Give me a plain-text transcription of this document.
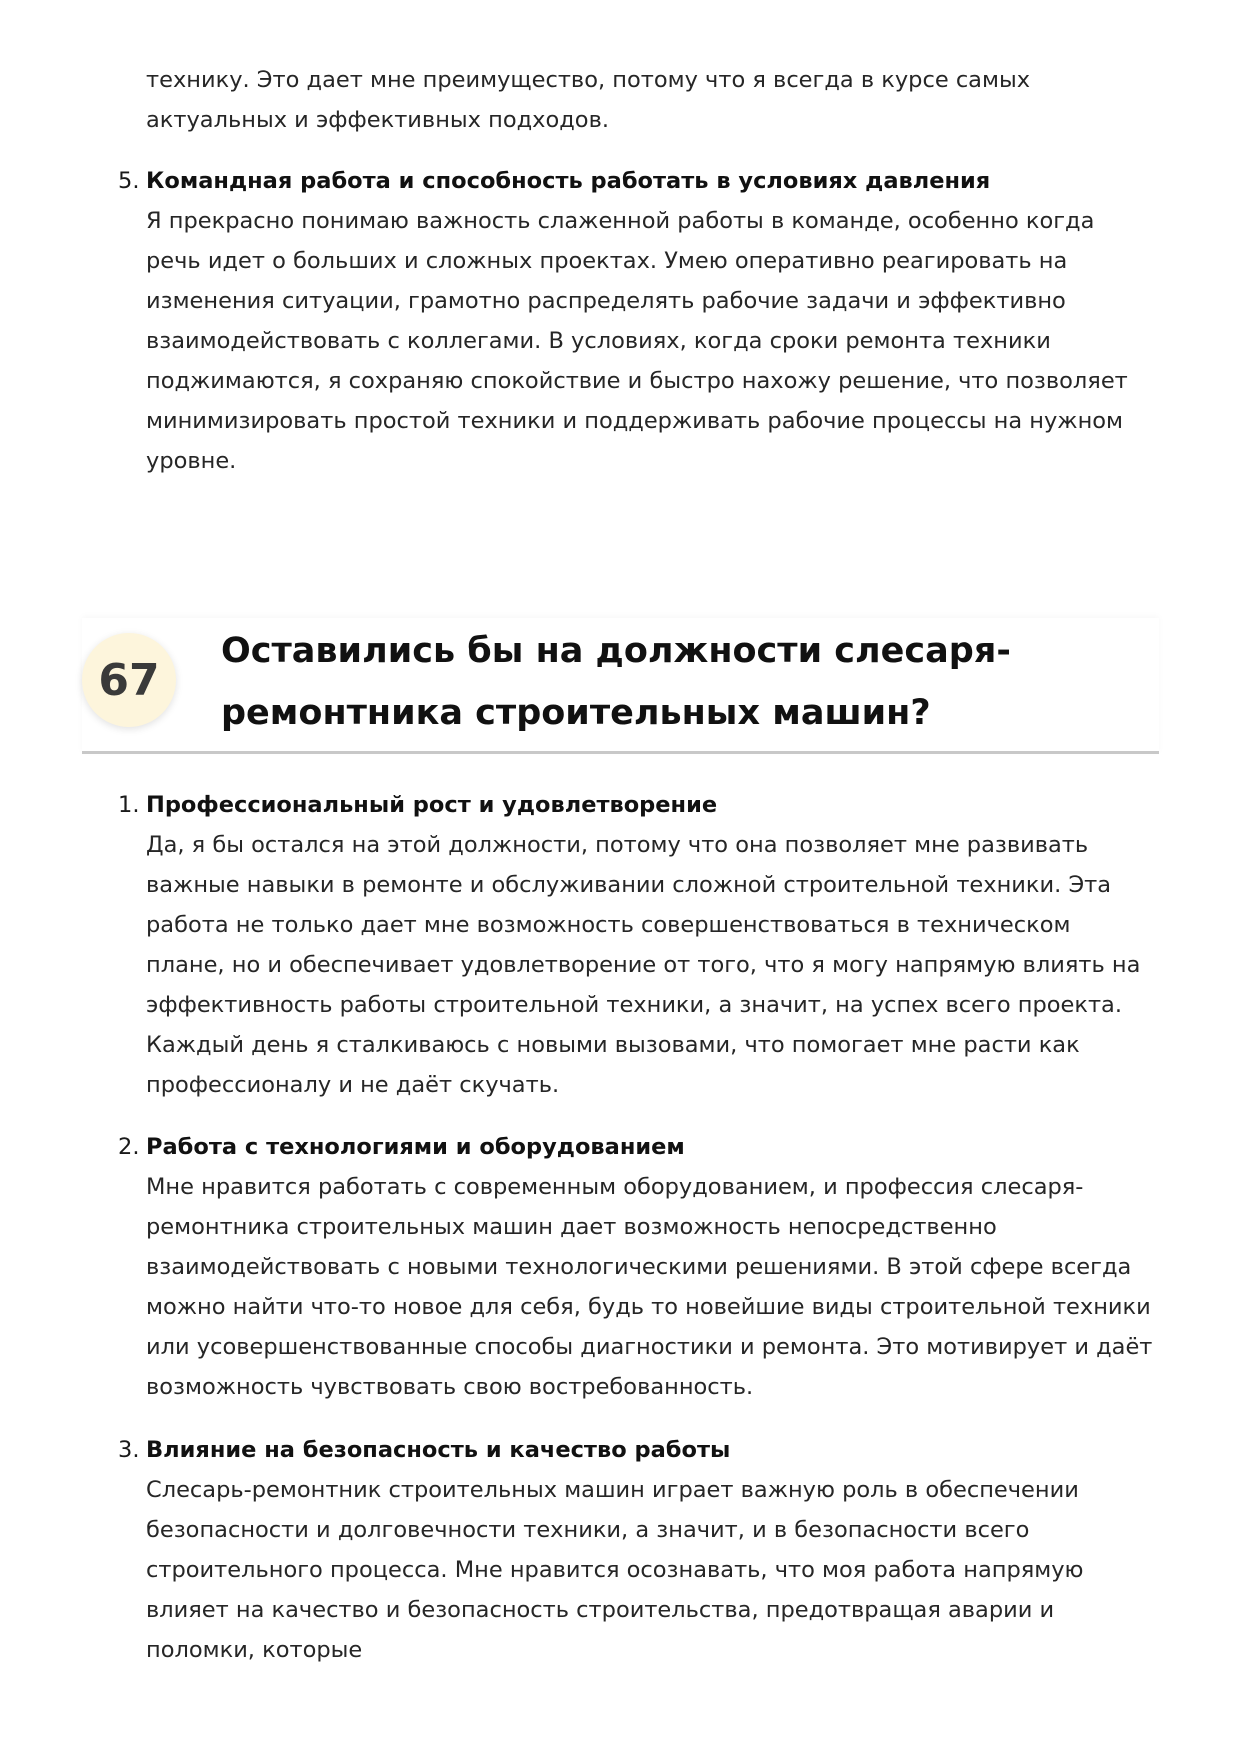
технику. Это дает мне преимущество, потому что я всегда в курсе самых актуальных и эффективных подходов.
5. Командная работа и способность работать в условиях давления
Я прекрасно понимаю важность слаженной работы в команде, особенно когда речь идет о больших и сложных проектах. Умею оперативно реагировать на изменения ситуации, грамотно распределять рабочие задачи и эффективно взаимодействовать с коллегами. В условиях, когда сроки ремонта техники поджимаются, я сохраняю спокойствие и быстро нахожу решение, что позволяет минимизировать простой техники и поддерживать рабочие процессы на нужном уровне.
67
Оставились бы на должности слесаря-ремонтника строительных машин?
1. Профессиональный рост и удовлетворение
Да, я бы остался на этой должности, потому что она позволяет мне развивать важные навыки в ремонте и обслуживании сложной строительной техники. Эта работа не только дает мне возможность совершенствоваться в техническом плане, но и обеспечивает удовлетворение от того, что я могу напрямую влиять на эффективность работы строительной техники, а значит, на успех всего проекта. Каждый день я сталкиваюсь с новыми вызовами, что помогает мне расти как профессионалу и не даёт скучать.
2. Работа с технологиями и оборудованием
Мне нравится работать с современным оборудованием, и профессия слесаря-ремонтника строительных машин дает возможность непосредственно взаимодействовать с новыми технологическими решениями. В этой сфере всегда можно найти что-то новое для себя, будь то новейшие виды строительной техники или усовершенствованные способы диагностики и ремонта. Это мотивирует и даёт возможность чувствовать свою востребованность.
3. Влияние на безопасность и качество работы
Слесарь-ремонтник строительных машин играет важную роль в обеспечении безопасности и долговечности техники, а значит, и в безопасности всего строительного процесса. Мне нравится осознавать, что моя работа напрямую влияет на качество и безопасность строительства, предотвращая аварии и поломки, которые
